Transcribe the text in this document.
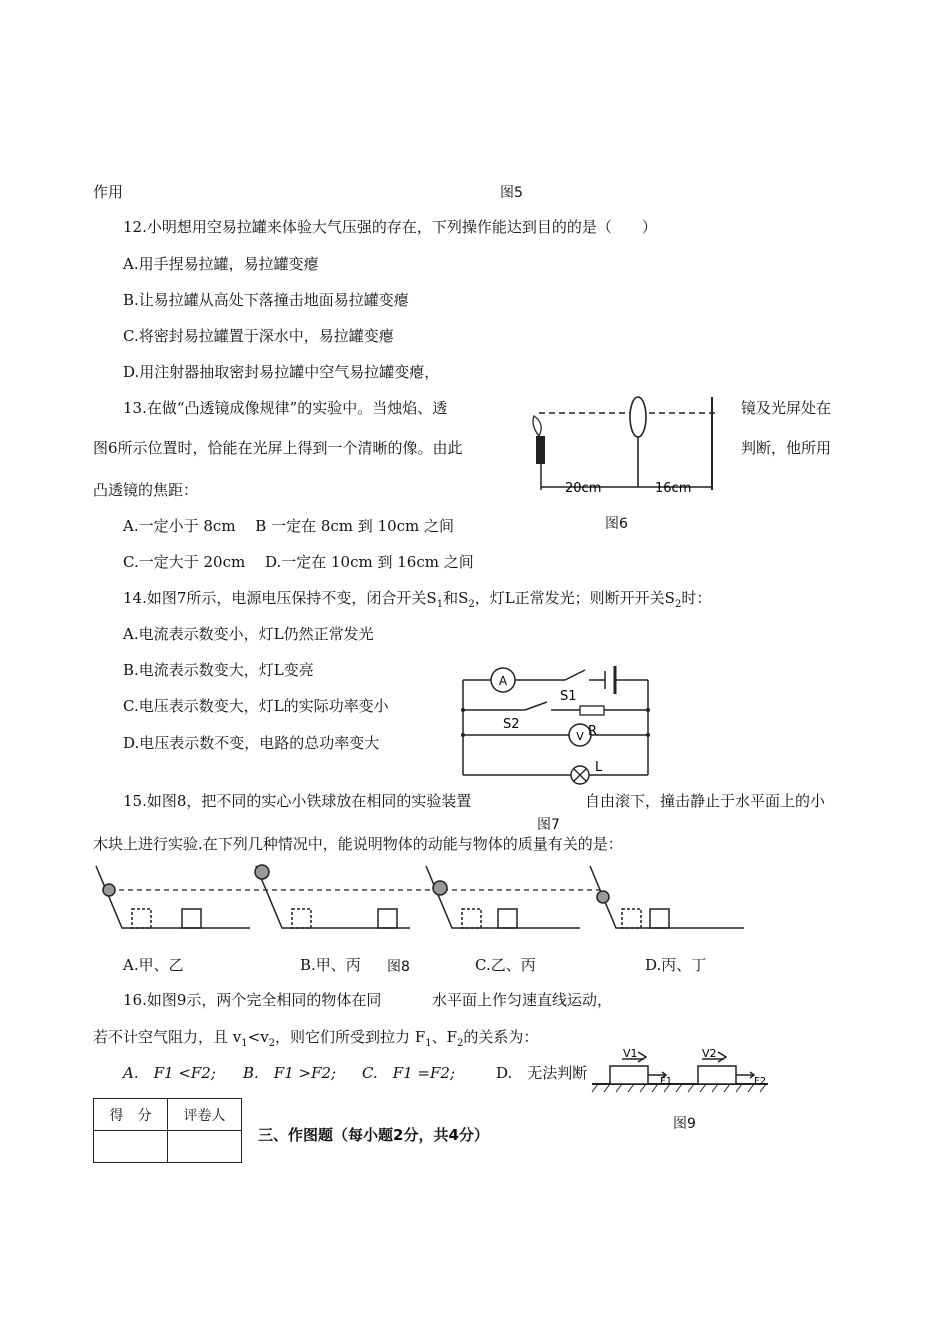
作用	图5
12.小明想用空易拉罐来体验大气压强的存在，下列操作能达到目的的是（　　）
A.用手捏易拉罐，易拉罐变瘪
B.让易拉罐从高处下落撞击地面易拉罐变瘪
C.将密封易拉罐置于深水中，易拉罐变瘪
D.用注射器抽取密封易拉罐中空气易拉罐变瘪，
13.在做“凸透镜成像规律”的实验中。当烛焰、透	镜及光屏处在
图6所示位置时，恰能在光屏上得到一个清晰的像。由此	判断，他所用
凸透镜的焦距：
A.一定小于 8cm　 B 一定在 8cm 到 10cm 之间
C.一定大于 20cm　 D.一定在 10cm 到 16cm 之间
20cm	16cm
图6
14.如图7所示，电源电压保持不变，闭合开关$S_1$和$S_2$，灯L正常发光；则断开开关$S_2$时：
A.电流表示数变小，灯L仍然正常发光
B.电流表示数变大，灯L变亮
C.电压表示数变大，灯L的实际功率变小
D.电压表示数不变，电路的总功率变大
A
S1
S2
V R
L
15.如图8，把不同的实心小铁球放在相同的实验装置	自由滚下，撞击静止于水平面上的小
图7
木块上进行实验.在下列几种情况中，能说明物体的动能与物体的质量有关的是：
A.甲、乙	B.甲、丙 图8	C.乙、丙	D.丙、丁
16.如图9示，两个完全相同的物体在同	水平面上作匀速直线运动，
若不计空气阻力，且 $v_1<v_2$，则它们所受到拉力 $F_1$、$F_2$的关系为：
A.　F1 <F2; B.　F1 >F2; C.　F1 =F2;	D.　无法判断
V1	V2
F1	F2
图9
得　分	评卷人

三、作图题（每小题2分，共4分）
